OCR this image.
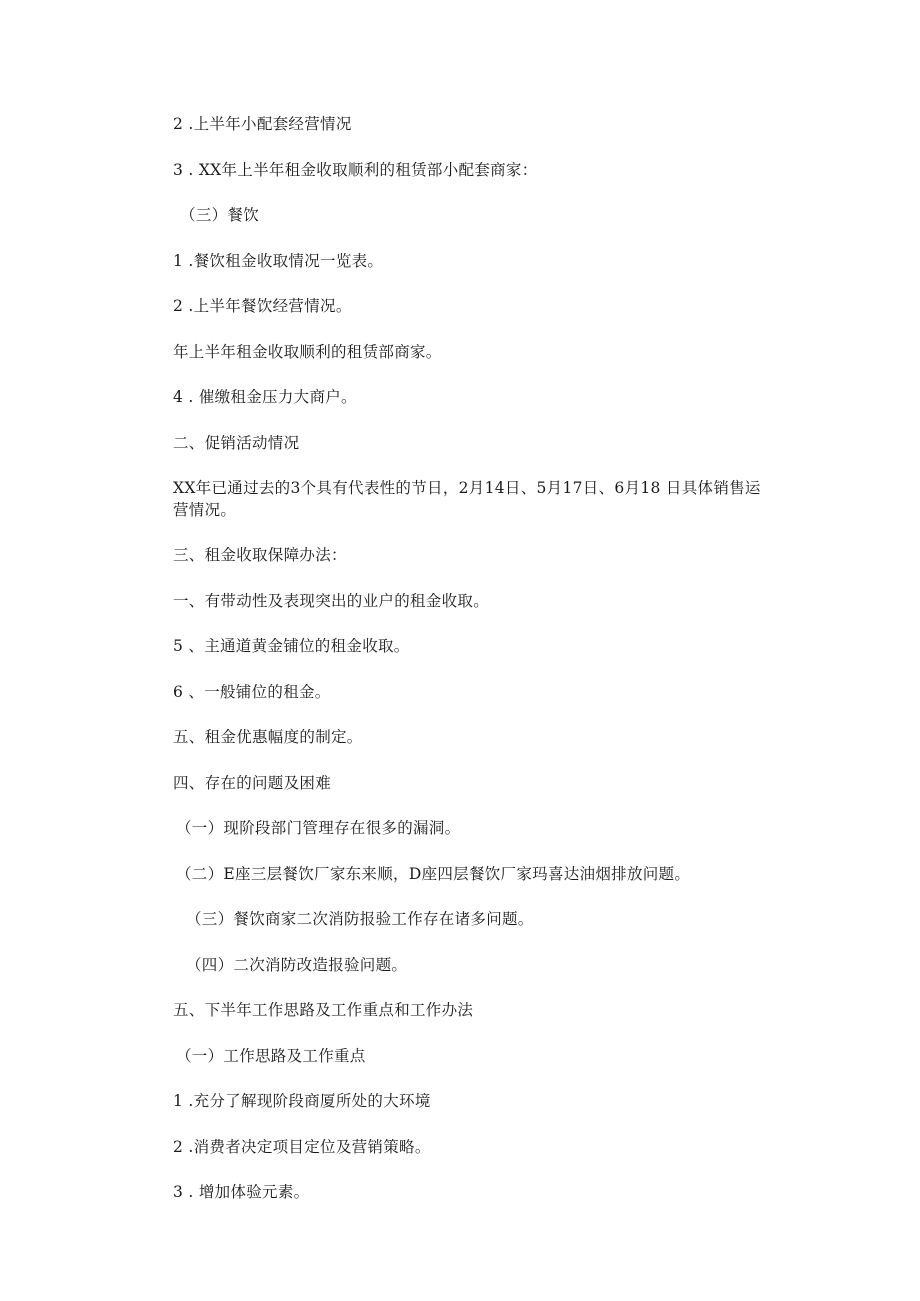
2 .上半年小配套经营情况
3 . XX年上半年租金收取顺利的租赁部小配套商家：
（三）餐饮
1 .餐饮租金收取情况一览表。
2 .上半年餐饮经营情况。
年上半年租金收取顺利的租赁部商家。
4 . 催缴租金压力大商户。
二、促销活动情况
XX年已通过去的3个具有代表性的节日，2月14日、5月17日、6月18 日具体销售运营情况。
三、租金收取保障办法：
一、有带动性及表现突出的业户的租金收取。
5 、主通道黄金铺位的租金收取。
6 、一般铺位的租金。
五、租金优惠幅度的制定。
四、存在的问题及困难
（一）现阶段部门管理存在很多的漏洞。
（二）E座三层餐饮厂家东来顺，D座四层餐饮厂家玛喜达油烟排放问题。
（三）餐饮商家二次消防报验工作存在诸多问题。
（四）二次消防改造报验问题。
五、下半年工作思路及工作重点和工作办法
（一）工作思路及工作重点
1 .充分了解现阶段商厦所处的大环境
2 .消费者决定项目定位及营销策略。
3 . 增加体验元素。
